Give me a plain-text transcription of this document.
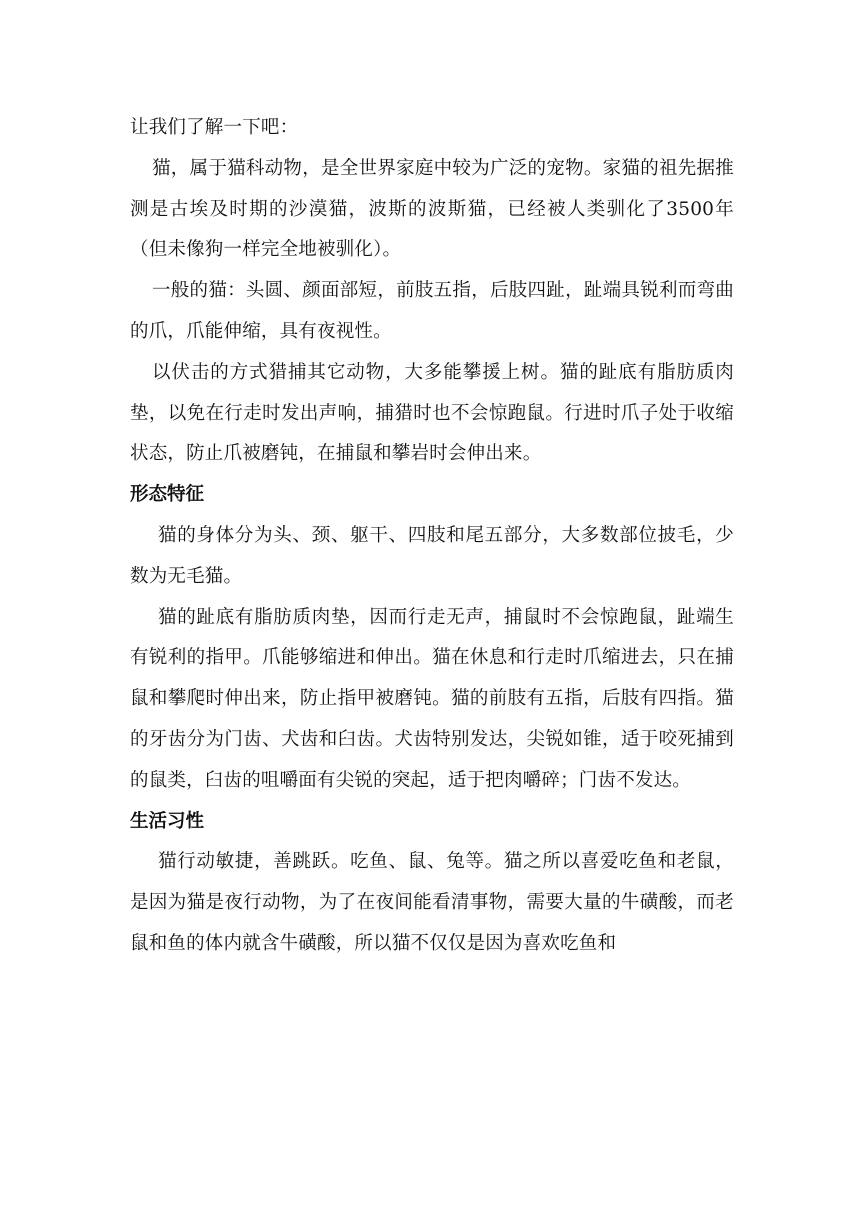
让我们了解一下吧：

猫，属于猫科动物，是全世界家庭中较为广泛的宠物。家猫的祖先据推测是古埃及时期的沙漠猫，波斯的波斯猫，已经被人类驯化了3500年（但未像狗一样完全地被驯化）。

一般的猫：头圆、颜面部短，前肢五指，后肢四趾，趾端具锐利而弯曲的爪，爪能伸缩，具有夜视性。

以伏击的方式猎捕其它动物，大多能攀援上树。猫的趾底有脂肪质肉垫，以免在行走时发出声响，捕猎时也不会惊跑鼠。行进时爪子处于收缩状态，防止爪被磨钝，在捕鼠和攀岩时会伸出来。

形态特征

猫的身体分为头、颈、躯干、四肢和尾五部分，大多数部位披毛，少数为无毛猫。

猫的趾底有脂肪质肉垫，因而行走无声，捕鼠时不会惊跑鼠，趾端生有锐利的指甲。爪能够缩进和伸出。猫在休息和行走时爪缩进去，只在捕鼠和攀爬时伸出来，防止指甲被磨钝。猫的前肢有五指，后肢有四指。猫的牙齿分为门齿、犬齿和臼齿。犬齿特别发达，尖锐如锥，适于咬死捕到的鼠类，臼齿的咀嚼面有尖锐的突起，适于把肉嚼碎；门齿不发达。

生活习性

猫行动敏捷，善跳跃。吃鱼、鼠、兔等。猫之所以喜爱吃鱼和老鼠，是因为猫是夜行动物，为了在夜间能看清事物，需要大量的牛磺酸，而老鼠和鱼的体内就含牛磺酸，所以猫不仅仅是因为喜欢吃鱼和
